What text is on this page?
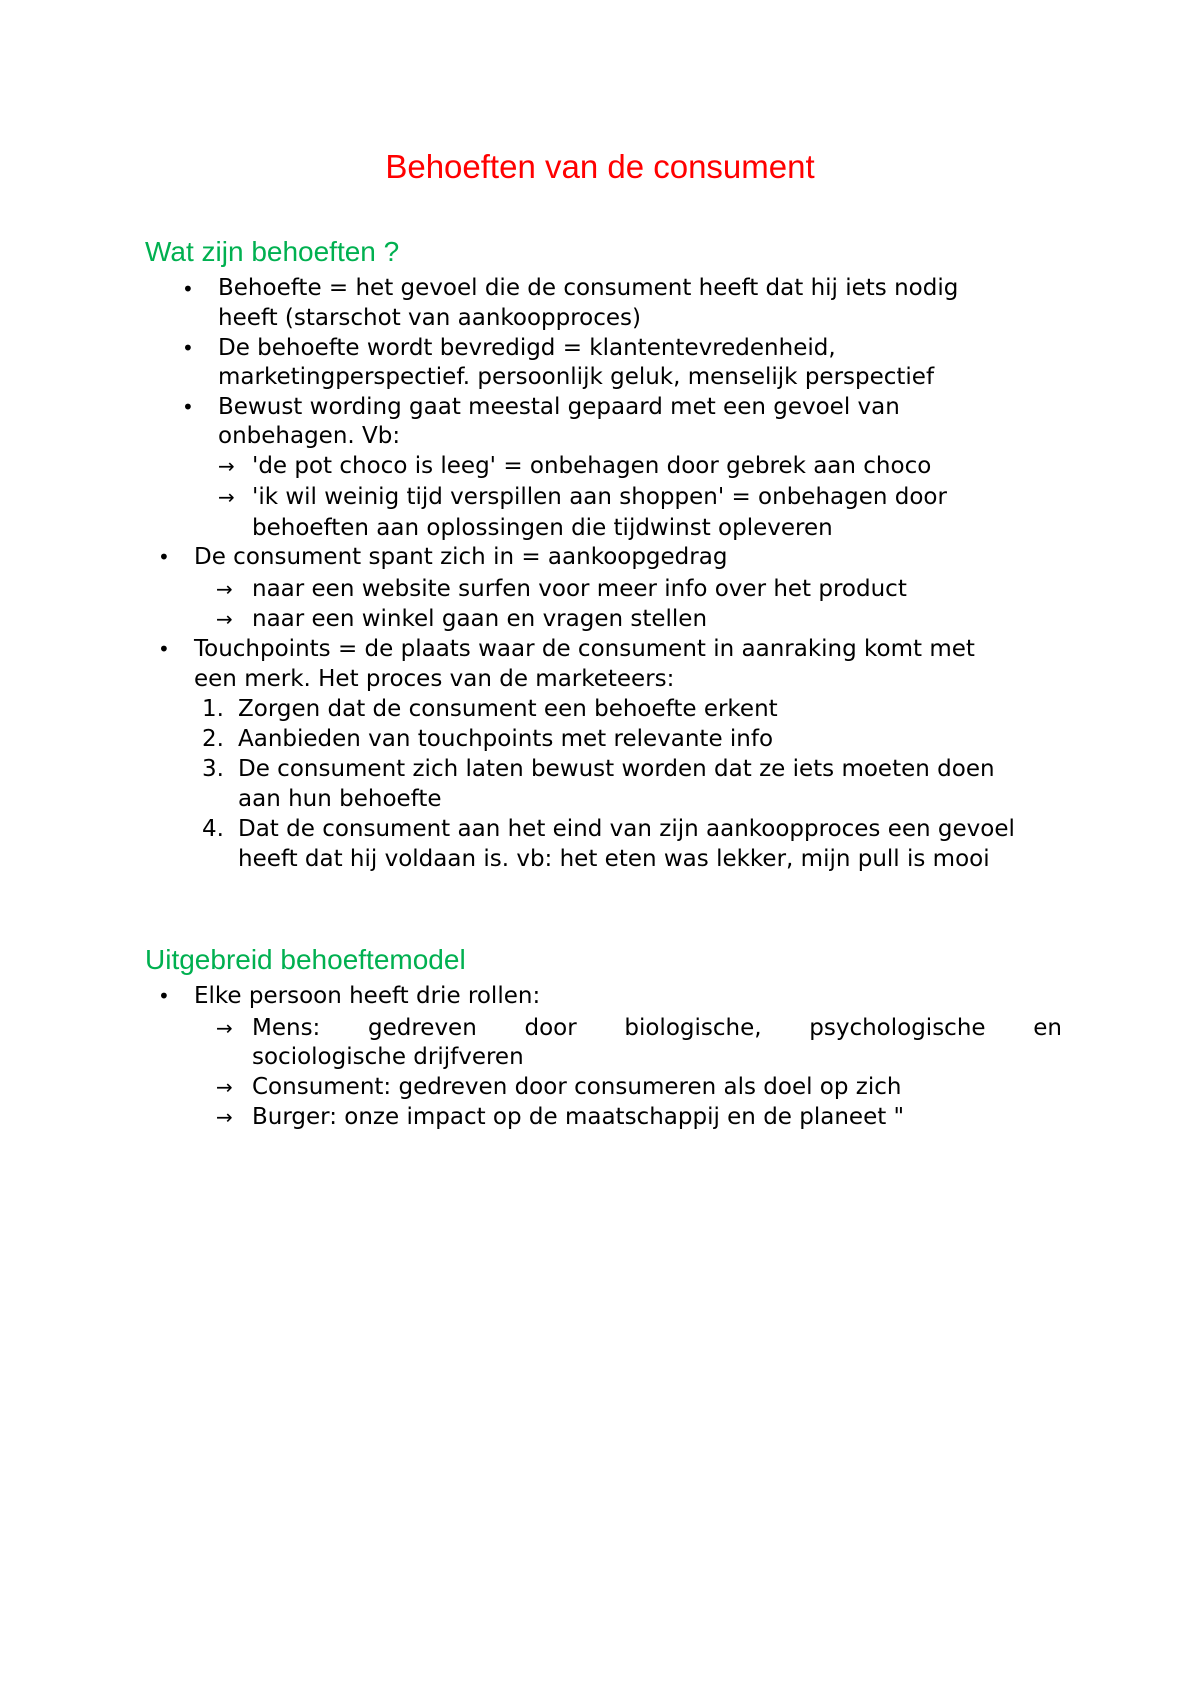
Behoeften van de consument
Wat zijn behoeften ?
• Behoefte = het gevoel die de consument heeft dat hij iets nodig
heeft (starschot van aankoopproces)
• De behoefte wordt bevredigd = klantentevredenheid,
marketingperspectief. persoonlijk geluk, menselijk perspectief
• Bewust wording gaat meestal gepaard met een gevoel van
onbehagen. Vb:
→ 'de pot choco is leeg' = onbehagen door gebrek aan choco
→ 'ik wil weinig tijd verspillen aan shoppen' = onbehagen door
behoeften aan oplossingen die tijdwinst opleveren
• De consument spant zich in = aankoopgedrag
→ naar een website surfen voor meer info over het product
→ naar een winkel gaan en vragen stellen
• Touchpoints = de plaats waar de consument in aanraking komt met
een merk. Het proces van de marketeers:
1. Zorgen dat de consument een behoefte erkent
2. Aanbieden van touchpoints met relevante info
3. De consument zich laten bewust worden dat ze iets moeten doen
aan hun behoefte
4. Dat de consument aan het eind van zijn aankoopproces een gevoel
heeft dat hij voldaan is. vb: het eten was lekker, mijn pull is mooi
Uitgebreid behoeftemodel
• Elke persoon heeft drie rollen:
→ Mens: gedreven door biologische, psychologische en
sociologische drijfveren
→ Consument: gedreven door consumeren als doel op zich
→ Burger: onze impact op de maatschappij en de planeet "
